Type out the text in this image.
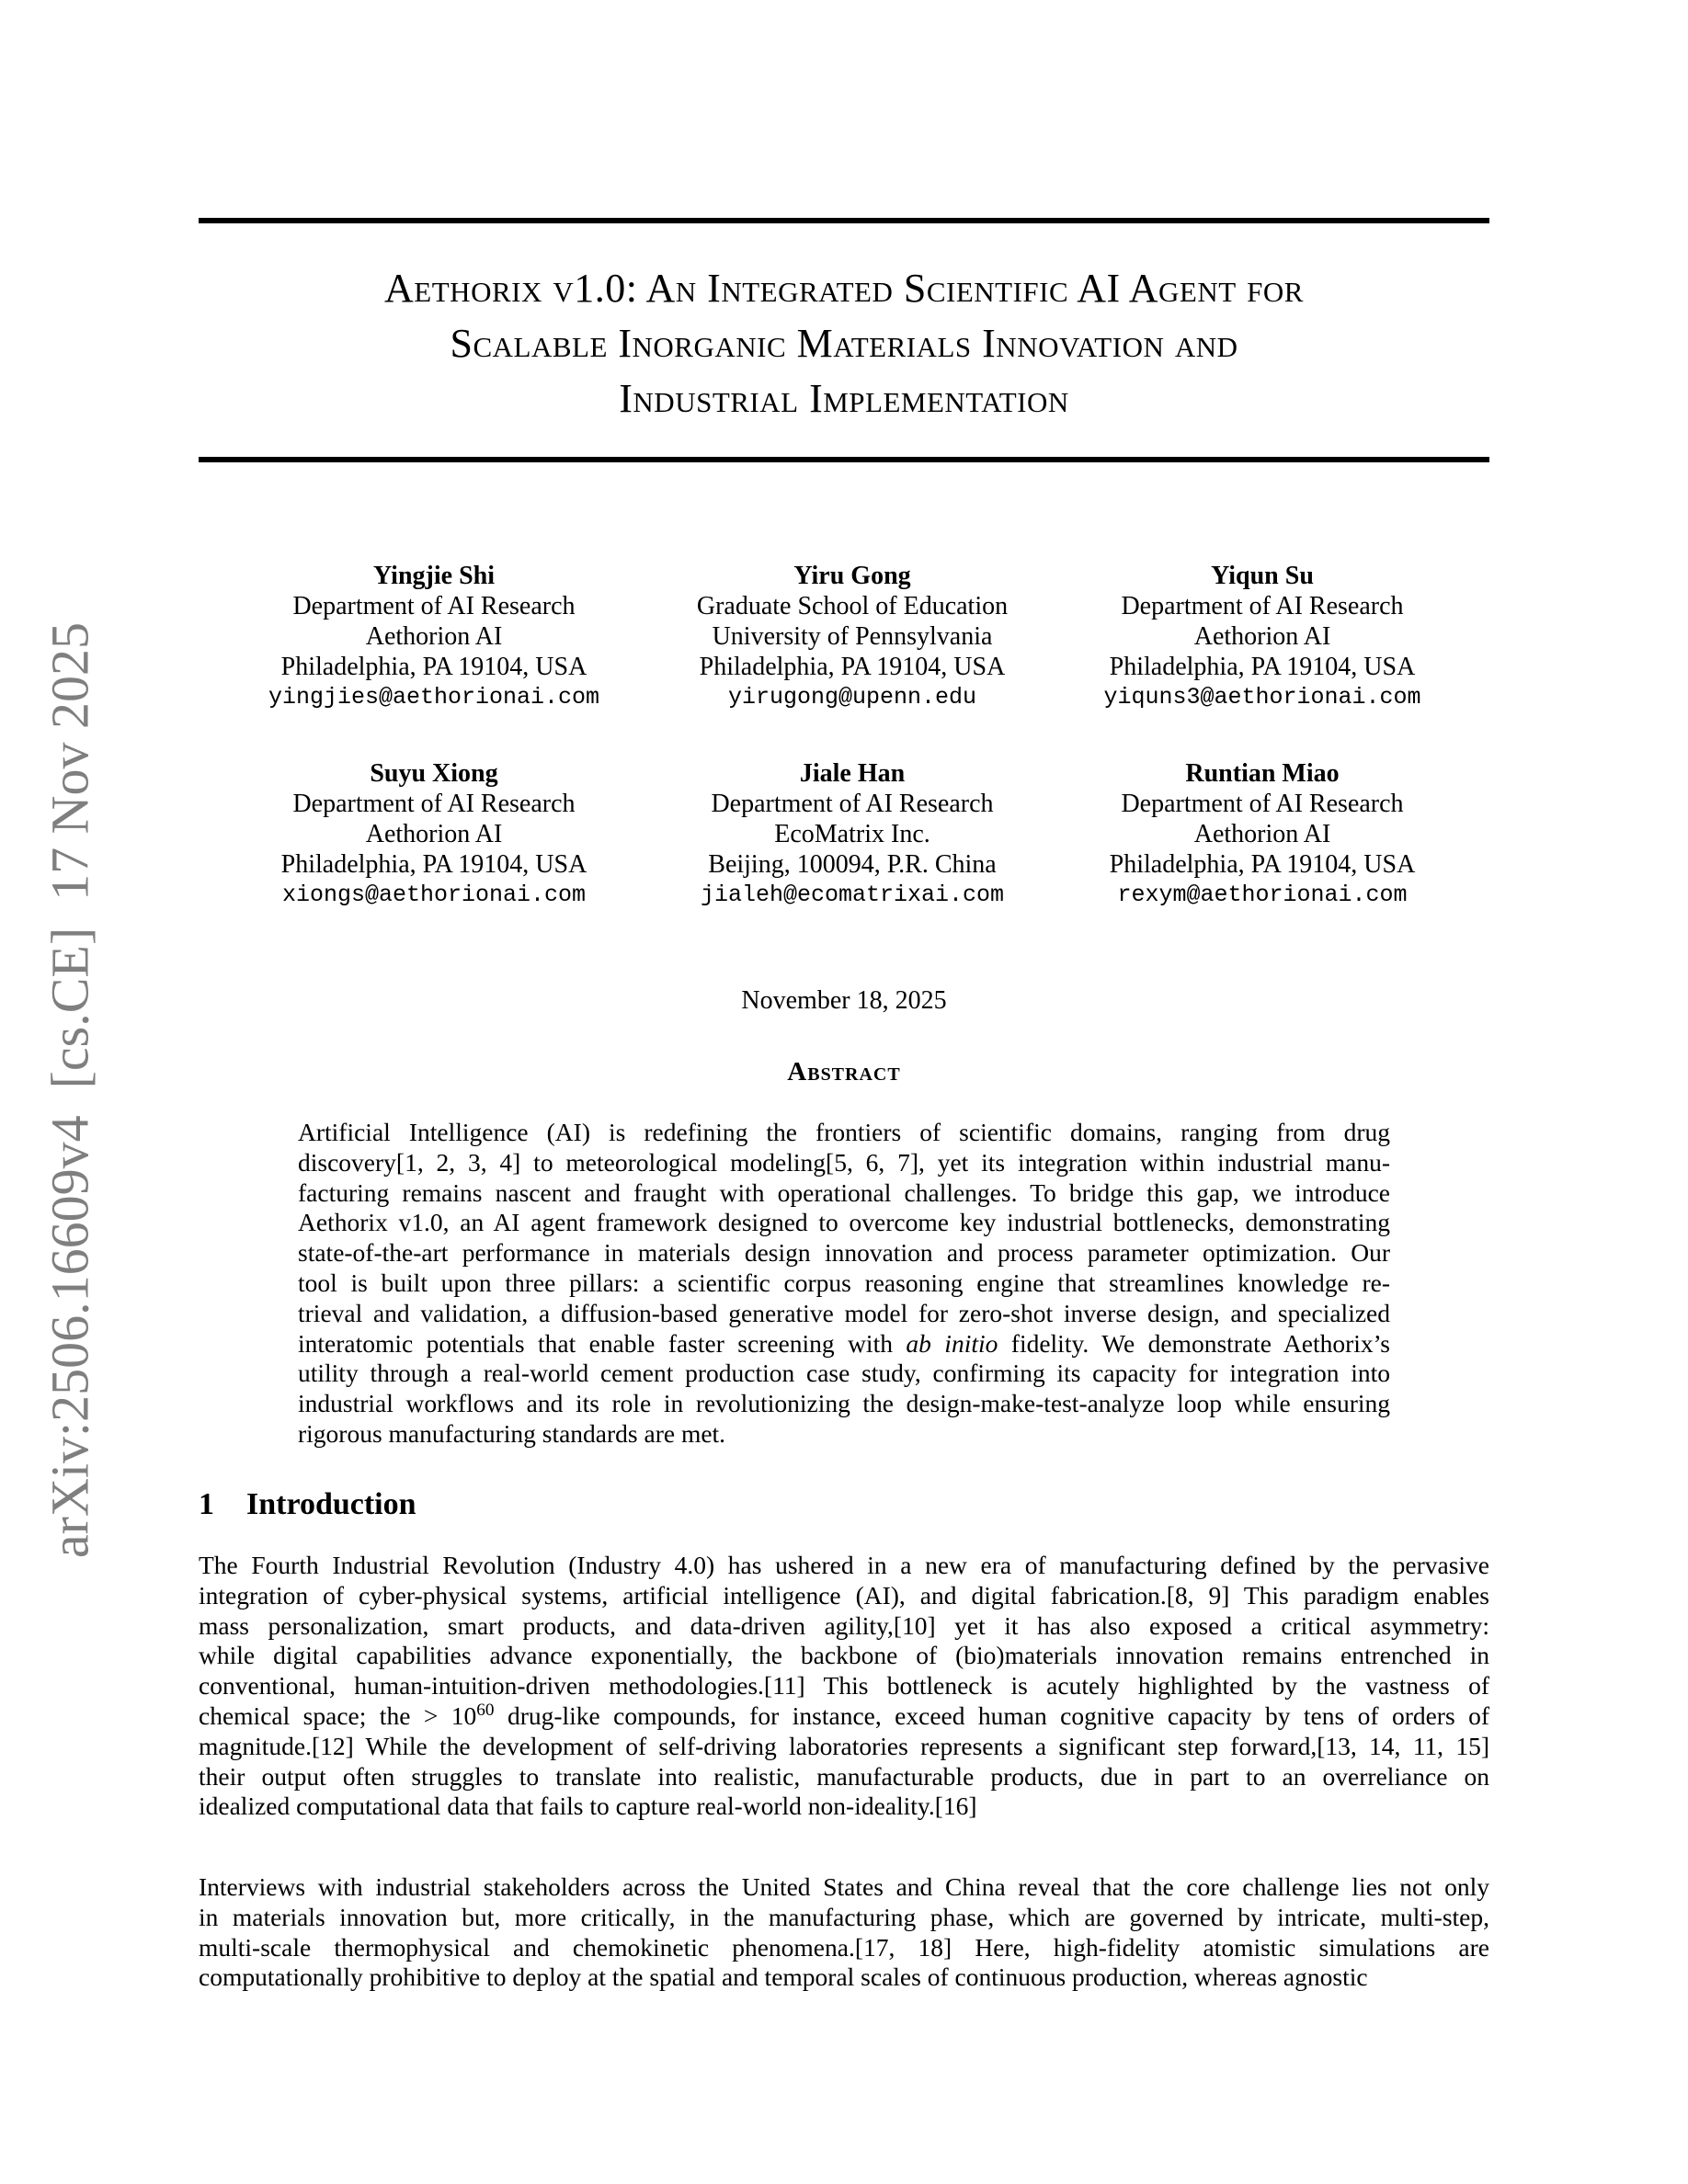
arXiv:2506.16609v4  [cs.CE]  17 Nov 2025
Aethorix v1.0: An Integrated Scientific AI Agent for
Scalable Inorganic Materials Innovation and
Industrial Implementation
Yingjie Shi
Department of AI Research
Aethorion AI
Philadelphia, PA 19104, USA
yingjies@aethorionai.com
Yiru Gong
Graduate School of Education
University of Pennsylvania
Philadelphia, PA 19104, USA
yirugong@upenn.edu
Yiqun Su
Department of AI Research
Aethorion AI
Philadelphia, PA 19104, USA
yiquns3@aethorionai.com
Suyu Xiong
Department of AI Research
Aethorion AI
Philadelphia, PA 19104, USA
xiongs@aethorionai.com
Jiale Han
Department of AI Research
EcoMatrix Inc.
Beijing, 100094, P.R. China
jialeh@ecomatrixai.com
Runtian Miao
Department of AI Research
Aethorion AI
Philadelphia, PA 19104, USA
rexym@aethorionai.com
November 18, 2025
Abstract
Artificial Intelligence (AI) is redefining the frontiers of scientific domains, ranging from drug
discovery[1, 2, 3, 4] to meteorological modeling[5, 6, 7], yet its integration within industrial manu-
facturing remains nascent and fraught with operational challenges. To bridge this gap, we introduce
Aethorix v1.0, an AI agent framework designed to overcome key industrial bottlenecks, demonstrating
state-of-the-art performance in materials design innovation and process parameter optimization. Our
tool is built upon three pillars: a scientific corpus reasoning engine that streamlines knowledge re-
trieval and validation, a diffusion-based generative model for zero-shot inverse design, and specialized
interatomic potentials that enable faster screening with ab initio fidelity. We demonstrate Aethorix’s
utility through a real-world cement production case study, confirming its capacity for integration into
industrial workflows and its role in revolutionizing the design-make-test-analyze loop while ensuring
rigorous manufacturing standards are met.
1 Introduction
The Fourth Industrial Revolution (Industry 4.0) has ushered in a new era of manufacturing defined by the pervasive
integration of cyber-physical systems, artificial intelligence (AI), and digital fabrication.[8, 9] This paradigm enables
mass personalization, smart products, and data-driven agility,[10] yet it has also exposed a critical asymmetry:
while digital capabilities advance exponentially, the backbone of (bio)materials innovation remains entrenched in
conventional, human-intuition-driven methodologies.[11] This bottleneck is acutely highlighted by the vastness of
chemical space; the > $10^{60}$ drug-like compounds, for instance, exceed human cognitive capacity by tens of orders of
magnitude.[12] While the development of self-driving laboratories represents a significant step forward,[13, 14, 11, 15]
their output often struggles to translate into realistic, manufacturable products, due in part to an overreliance on
idealized computational data that fails to capture real-world non-ideality.[16]
Interviews with industrial stakeholders across the United States and China reveal that the core challenge lies not only
in materials innovation but, more critically, in the manufacturing phase, which are governed by intricate, multi-step,
multi-scale thermophysical and chemokinetic phenomena.[17, 18] Here, high-fidelity atomistic simulations are
computationally prohibitive to deploy at the spatial and temporal scales of continuous production, whereas agnostic
